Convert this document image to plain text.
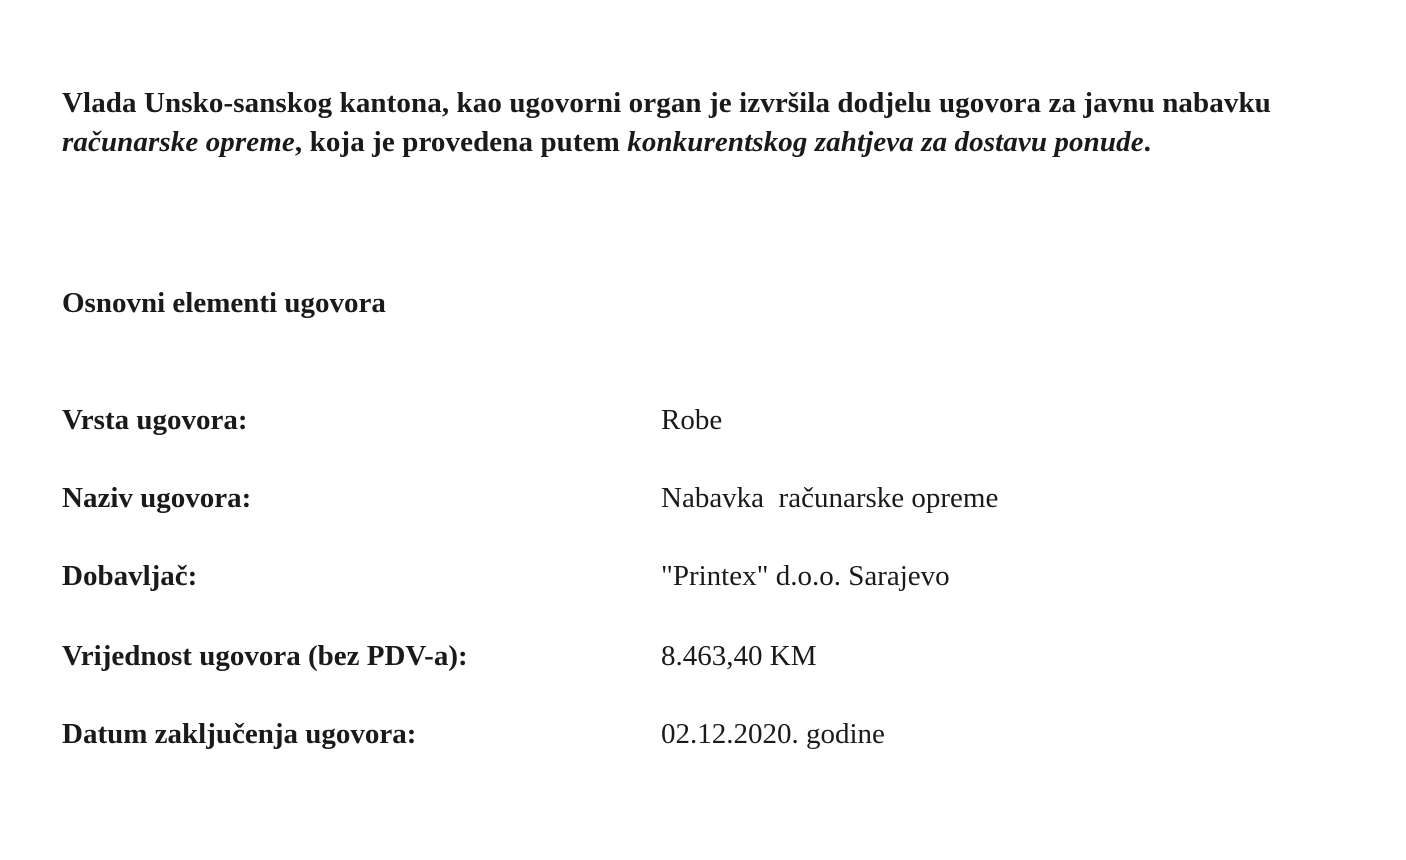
Vlada Unsko-sanskog kantona, kao ugovorni organ je izvršila dodjelu ugovora za javnu nabavku računarske opreme, koja je provedena putem konkurentskog zahtjeva za dostavu ponude.

Osnovni elementi ugovora
Vrsta ugovora:	Robe
Naziv ugovora:	Nabavka  računarske opreme
Dobavljač:	"Printex" d.o.o. Sarajevo
Vrijednost ugovora (bez PDV-a):	8.463,40 KM
Datum zaključenja ugovora:	02.12.2020. godine
